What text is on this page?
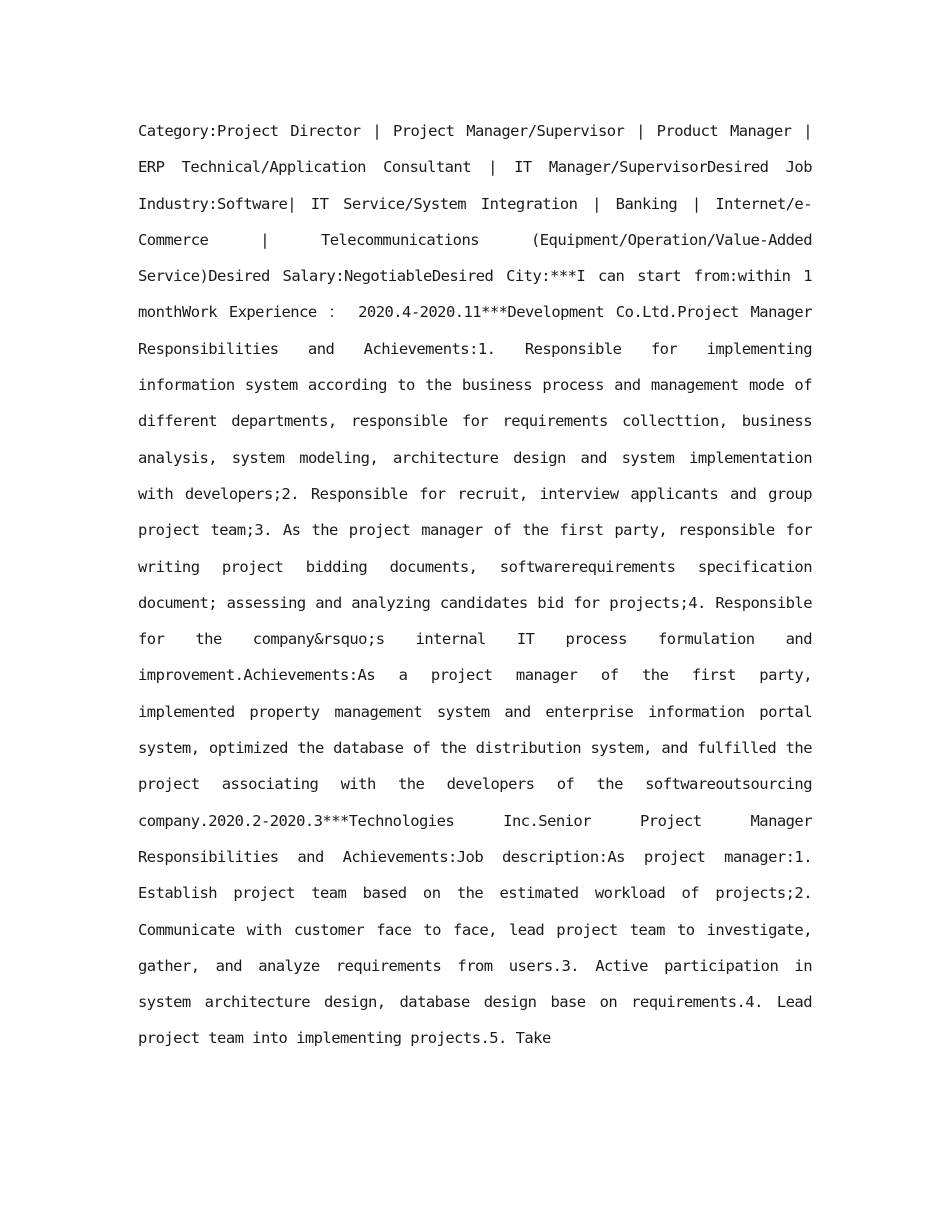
Category:Project Director | Project Manager/Supervisor | Product Manager | ERP Technical/Application Consultant | IT Manager/SupervisorDesired Job Industry:Software| IT Service/System Integration | Banking | Internet/e-Commerce | Telecommunications (Equipment/Operation/Value-Added Service)Desired Salary:NegotiableDesired City:***I can start from:within 1 monthWork Experience ： 2020.4-2020.11***Development Co.Ltd.Project Manager Responsibilities and Achievements:1. Responsible for implementing information system according to the business process and management mode of different departments, responsible for requirements collecttion, business analysis, system modeling, architecture design and system implementation with developers;2. Responsible for recruit, interview applicants and group project team;3. As the project manager of the first party, responsible for writing project bidding documents, softwarerequirements specification document; assessing and analyzing candidates bid for projects;4. Responsible for the company&rsquo;s internal IT process formulation and improvement.Achievements:As a project manager of the first party, implemented property management system and enterprise information portal system, optimized the database of the distribution system, and fulfilled the project associating with the developers of the softwareoutsourcing company.2020.2-2020.3***Technologies Inc.Senior Project Manager Responsibilities and Achievements:Job description:As project manager:1. Establish project team based on the estimated workload of projects;2. Communicate with customer face to face, lead project team to investigate, gather, and analyze requirements from users.3. Active participation in system architecture design, database design base on requirements.4. Lead project team into implementing projects.5. Take
